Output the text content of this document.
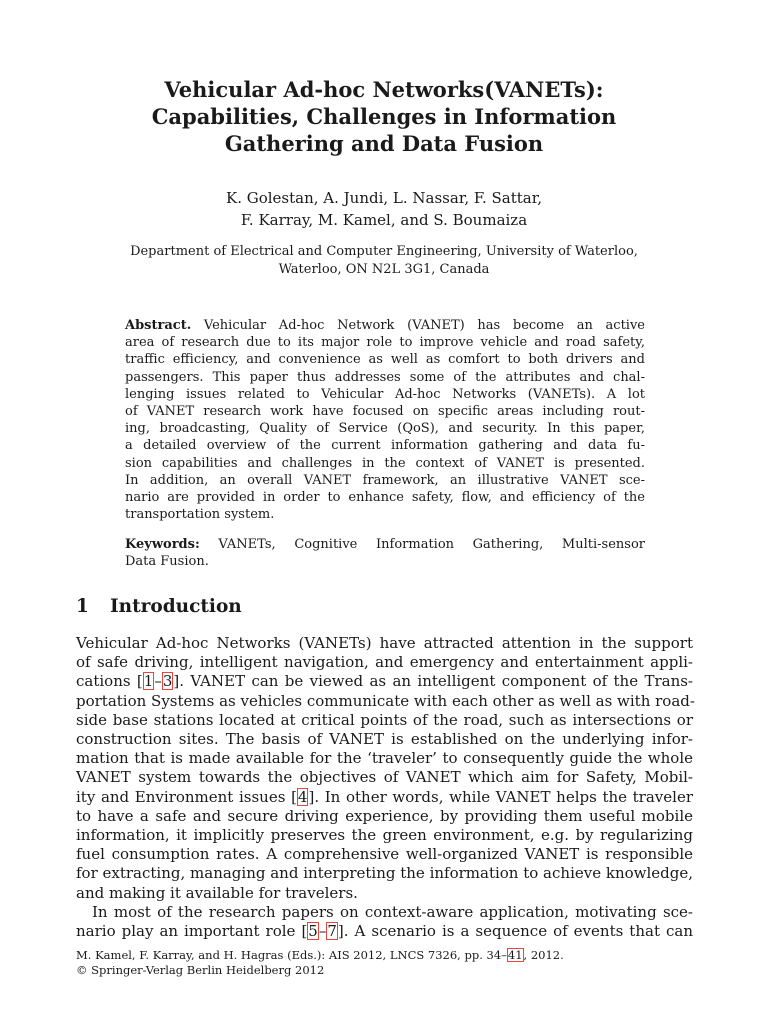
Vehicular Ad-hoc Networks(VANETs):
Capabilities, Challenges in Information
Gathering and Data Fusion
K. Golestan, A. Jundi, L. Nassar, F. Sattar,
F. Karray, M. Kamel, and S. Boumaiza
Department of Electrical and Computer Engineering, University of Waterloo,
Waterloo, ON N2L 3G1, Canada
Abstract. Vehicular Ad-hoc Network (VANET) has become an active
area of research due to its major role to improve vehicle and road safety,
traffic efficiency, and convenience as well as comfort to both drivers and
passengers. This paper thus addresses some of the attributes and chal-
lenging issues related to Vehicular Ad-hoc Networks (VANETs). A lot
of VANET research work have focused on specific areas including rout-
ing, broadcasting, Quality of Service (QoS), and security. In this paper,
a detailed overview of the current information gathering and data fu-
sion capabilities and challenges in the context of VANET is presented.
In addition, an overall VANET framework, an illustrative VANET sce-
nario are provided in order to enhance safety, flow, and efficiency of the
transportation system.
Keywords: VANETs, Cognitive Information Gathering, Multi-sensor
Data Fusion.
1 Introduction
Vehicular Ad-hoc Networks (VANETs) have attracted attention in the support
of safe driving, intelligent navigation, and emergency and entertainment appli-
cations [1–3]. VANET can be viewed as an intelligent component of the Trans-
portation Systems as vehicles communicate with each other as well as with road-
side base stations located at critical points of the road, such as intersections or
construction sites. The basis of VANET is established on the underlying infor-
mation that is made available for the ‘traveler’ to consequently guide the whole
VANET system towards the objectives of VANET which aim for Safety, Mobil-
ity and Environment issues [4]. In other words, while VANET helps the traveler
to have a safe and secure driving experience, by providing them useful mobile
information, it implicitly preserves the green environment, e.g. by regularizing
fuel consumption rates. A comprehensive well-organized VANET is responsible
for extracting, managing and interpreting the information to achieve knowledge,
and making it available for travelers.
In most of the research papers on context-aware application, motivating sce-
nario play an important role [5–7]. A scenario is a sequence of events that can
M. Kamel, F. Karray, and H. Hagras (Eds.): AIS 2012, LNCS 7326, pp. 34–41, 2012.
© Springer-Verlag Berlin Heidelberg 2012
